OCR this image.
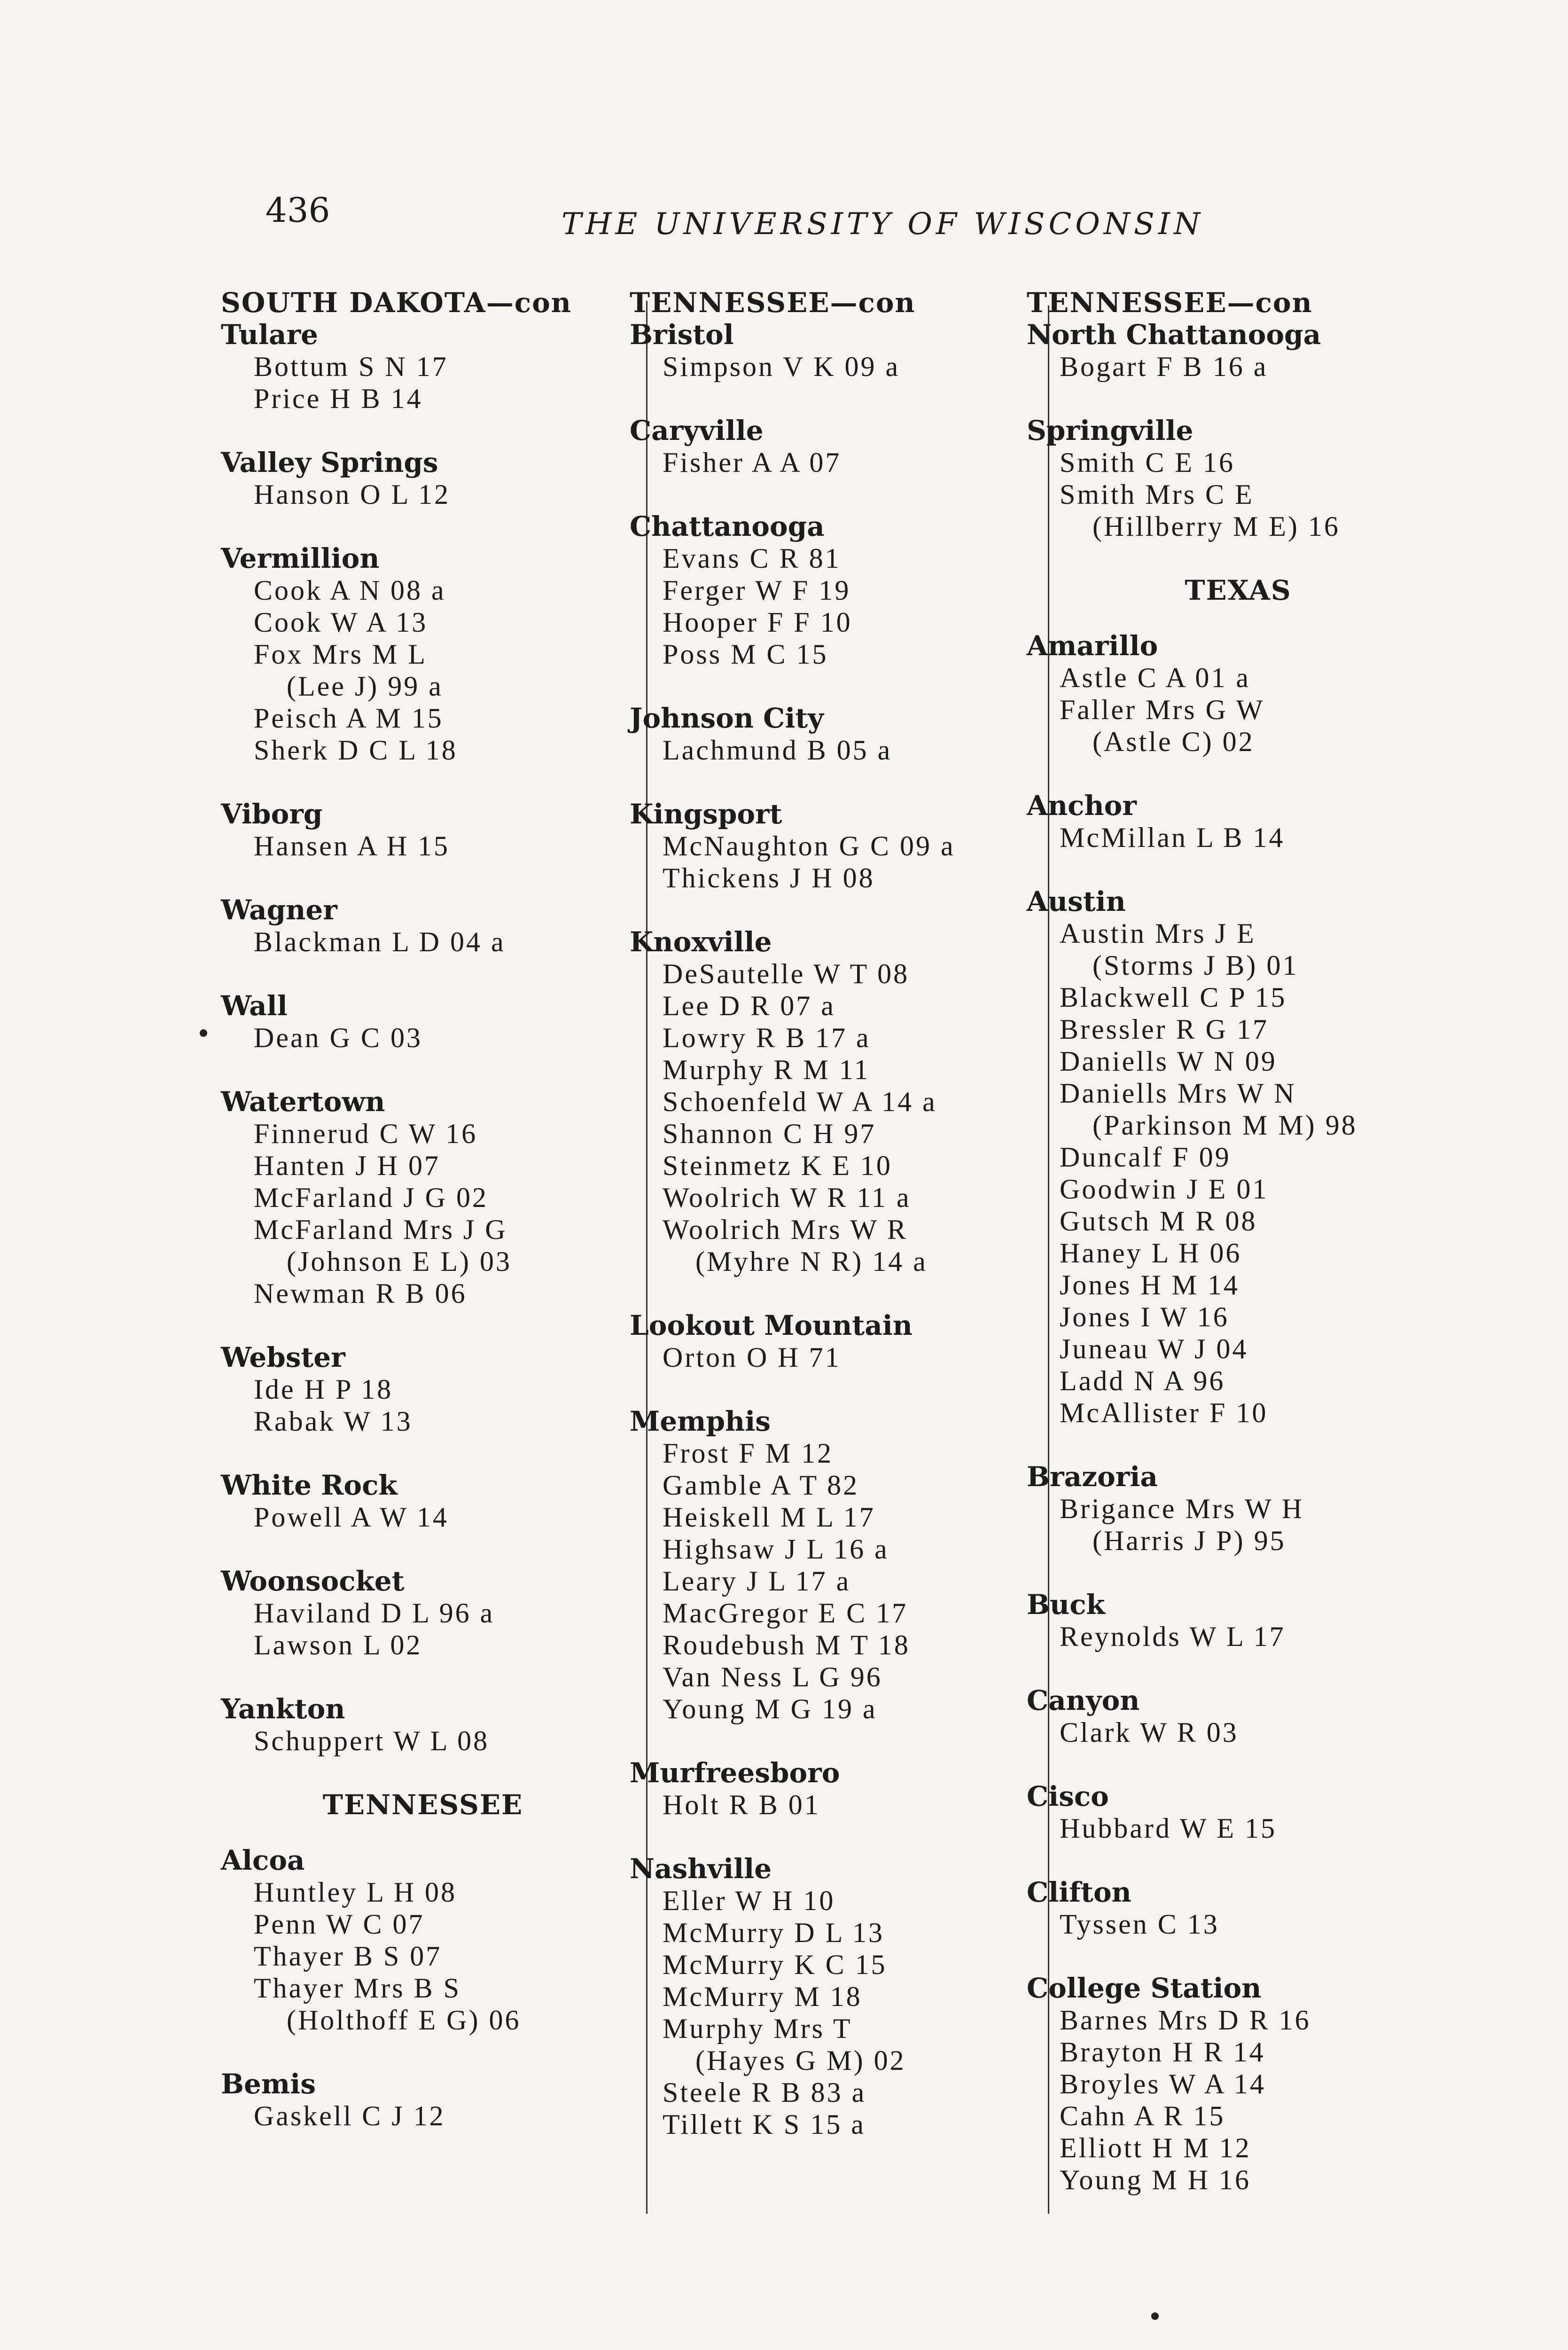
436	THE UNIVERSITY OF WISCONSIN
SOUTH DAKOTA—con
Tulare
Bottum S N 17
Price H B 14
Valley Springs
Hanson O L 12
Vermillion
Cook A N 08 a
Cook W A 13
Fox Mrs M L
(Lee J) 99 a
Peisch A M 15
Sherk D C L 18
Viborg
Hansen A H 15
Wagner
Blackman L D 04 a
Wall
Dean G C 03
Watertown
Finnerud C W 16
Hanten J H 07
McFarland J G 02
McFarland Mrs J G
(Johnson E L) 03
Newman R B 06
Webster
Ide H P 18
Rabak W 13
White Rock
Powell A W 14
Woonsocket
Haviland D L 96 a
Lawson L 02
Yankton
Schuppert W L 08
TENNESSEE
Alcoa
Huntley L H 08
Penn W C 07
Thayer B S 07
Thayer Mrs B S
(Holthoff E G) 06
Bemis
Gaskell C J 12
TENNESSEE—con
Bristol
Simpson V K 09 a
Caryville
Fisher A A 07
Chattanooga
Evans C R 81
Ferger W F 19
Hooper F F 10
Poss M C 15
Johnson City
Lachmund B 05 a
Kingsport
McNaughton G C 09 a
Thickens J H 08
Knoxville
DeSautelle W T 08
Lee D R 07 a
Lowry R B 17 a
Murphy R M 11
Schoenfeld W A 14 a
Shannon C H 97
Steinmetz K E 10
Woolrich W R 11 a
Woolrich Mrs W R
(Myhre N R) 14 a
Lookout Mountain
Orton O H 71
Memphis
Frost F M 12
Gamble A T 82
Heiskell M L 17
Highsaw J L 16 a
Leary J L 17 a
MacGregor E C 17
Roudebush M T 18
Van Ness L G 96
Young M G 19 a
Murfreesboro
Holt R B 01
Nashville
Eller W H 10
McMurry D L 13
McMurry K C 15
McMurry M 18
Murphy Mrs T
(Hayes G M) 02
Steele R B 83 a
Tillett K S 15 a
TENNESSEE—con
North Chattanooga
Bogart F B 16 a
Springville
Smith C E 16
Smith Mrs C E
(Hillberry M E) 16
TEXAS
Amarillo
Astle C A 01 a
Faller Mrs G W
(Astle C) 02
Anchor
McMillan L B 14
Austin
Austin Mrs J E
(Storms J B) 01
Blackwell C P 15
Bressler R G 17
Daniells W N 09
Daniells Mrs W N
(Parkinson M M) 98
Duncalf F 09
Goodwin J E 01
Gutsch M R 08
Haney L H 06
Jones H M 14
Jones I W 16
Juneau W J 04
Ladd N A 96
McAllister F 10
Brazoria
Brigance Mrs W H
(Harris J P) 95
Buck
Reynolds W L 17
Canyon
Clark W R 03
Cisco
Hubbard W E 15
Clifton
Tyssen C 13
College Station
Barnes Mrs D R 16
Brayton H R 14
Broyles W A 14
Cahn A R 15
Elliott H M 12
Young M H 16
